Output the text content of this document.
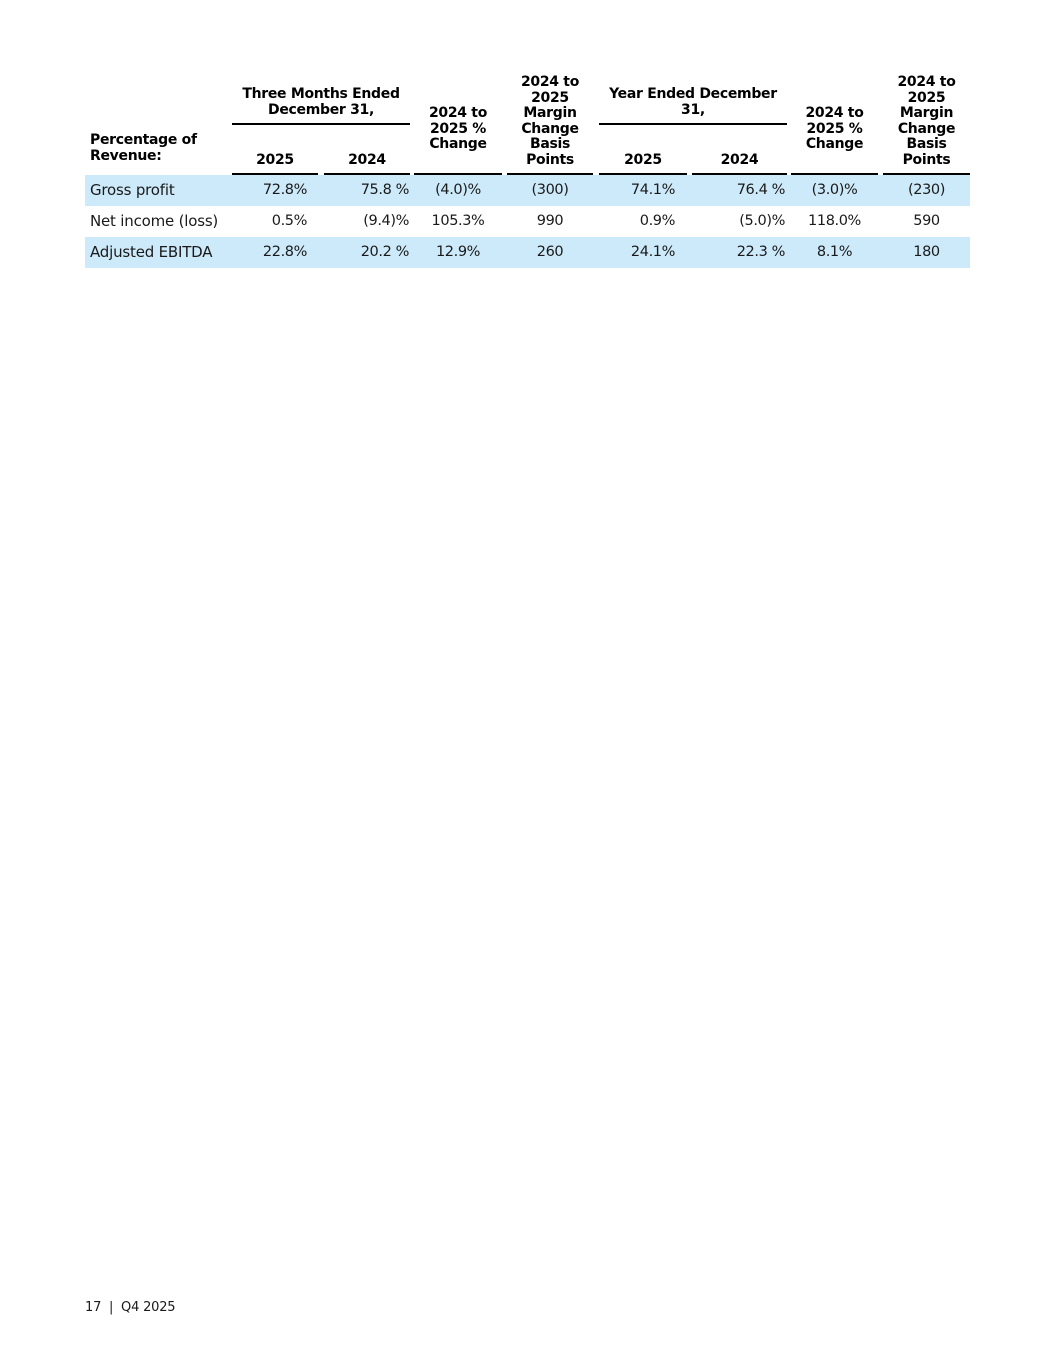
Percentage of Revenue:
Three Months Ended December 31,
2025	2024
2024 to 2025 % Change
2024 to 2025 Margin Change Basis Points
Year Ended December 31,
2025	2024
2024 to 2025 % Change
2024 to 2025 Margin Change Basis Points
Gross profit	72.8%	75.8 %	(4.0)%	(300)	74.1%	76.4 %	(3.0)%	(230)
Net income (loss)	0.5%	(9.4)%	105.3%	990	0.9%	(5.0)%	118.0%	590
Adjusted EBITDA	22.8%	20.2 %	12.9%	260	24.1%	22.3 %	8.1%	180
17  |  Q4 2025
